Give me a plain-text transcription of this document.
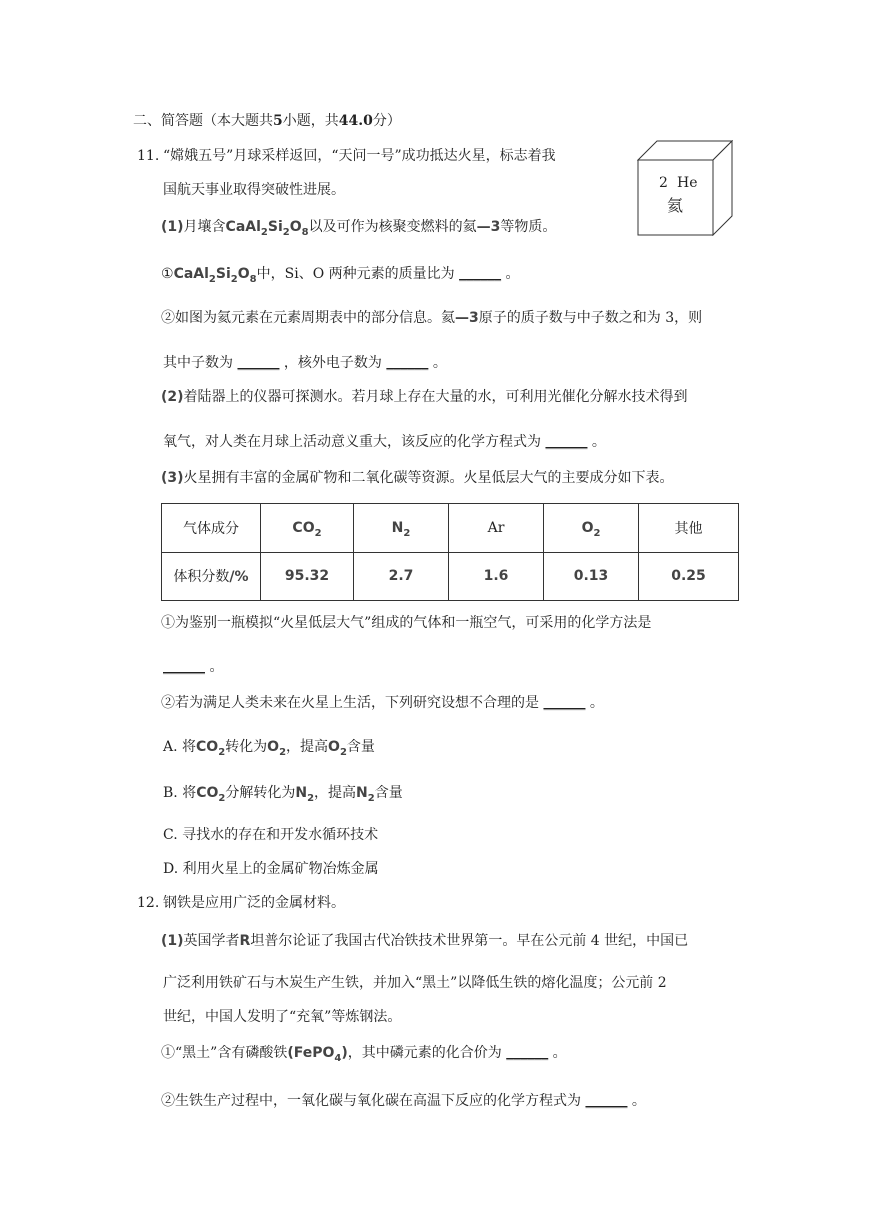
二、简答题（本大题共5小题，共44.0分）
11. “嫦娥五号”月球采样返回，“天问一号”成功抵达火星，标志着我
国航天事业取得突破性进展。	2 He
氦
(1)月壤含$CaAl_2Si_2O_8$以及可作为核聚变燃料的氦—3等物质。
$①CaAl_2Si_2O_8$中，Si、O 两种元素的质量比为 ______ 。
②如图为氦元素在元素周期表中的部分信息。氦—3原子的质子数与中子数之和为 3，则
其中子数为 ______ ，核外电子数为 ______ 。
(2)着陆器上的仪器可探测水。若月球上存在大量的水，可利用光催化分解水技术得到
氧气，对人类在月球上活动意义重大，该反应的化学方程式为 ______ 。
(3)火星拥有丰富的金属矿物和二氧化碳等资源。火星低层大气的主要成分如下表。
气体成分	$CO_2$	$N_2$	Ar	$O_2$	其他
体积分数/%	95.32	2.7	1.6	0.13	0.25
①为鉴别一瓶模拟“火星低层大气”组成的气体和一瓶空气，可采用的化学方法是
______ 。
②若为满足人类未来在火星上生活，下列研究设想不合理的是 ______ 。
A. 将$CO_2$转化为$O_2$，提高$O_2$含量
B. 将$CO_2$分解转化为$N_2$，提高$N_2$含量
C. 寻找水的存在和开发水循环技术
D. 利用火星上的金属矿物冶炼金属
12. 钢铁是应用广泛的金属材料。
(1)英国学者R坦普尔论证了我国古代冶铁技术世界第一。早在公元前 4 世纪，中国已
广泛利用铁矿石与木炭生产生铁，并加入“黑土”以降低生铁的熔化温度；公元前 2
世纪，中国人发明了“充氧”等炼钢法。
①“黑土”含有磷酸铁(FePO$_4$)，其中磷元素的化合价为 ______ 。
②生铁生产过程中，一氧化碳与氧化碳在高温下反应的化学方程式为 ______ 。
